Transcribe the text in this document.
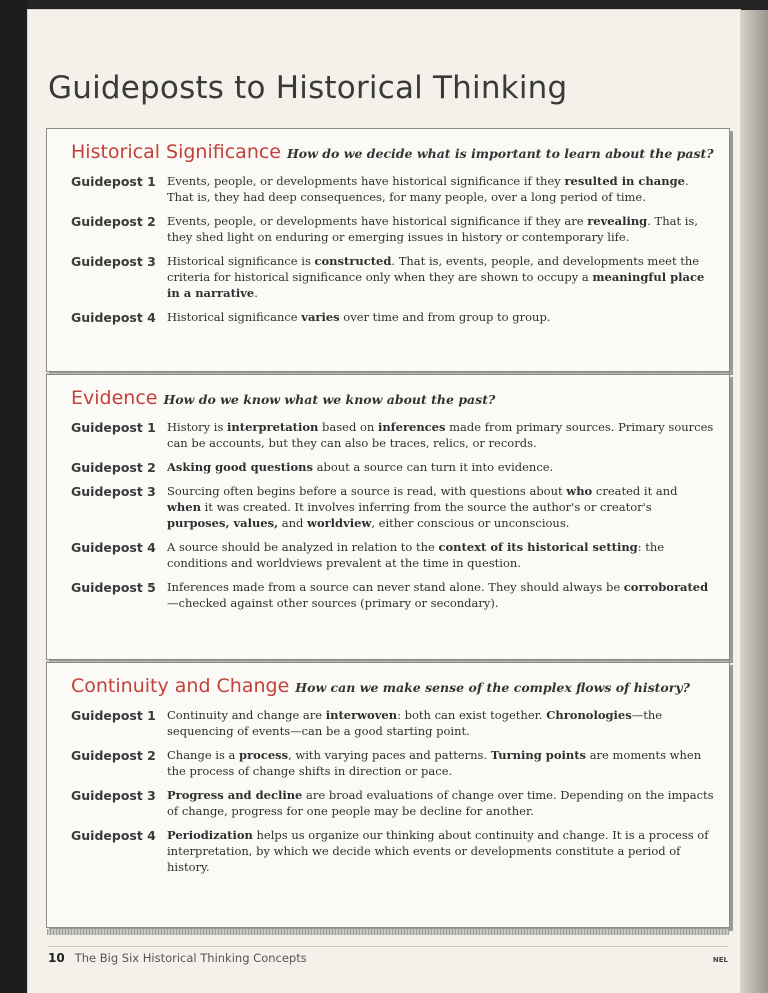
Guideposts to Historical Thinking
Historical Significance How do we decide what is important to learn about the past?
Guidepost 1 Events, people, or developments have historical significance if they resulted in change. That is, they had deep consequences, for many people, over a long period of time.
Guidepost 2 Events, people, or developments have historical significance if they are revealing. That is, they shed light on enduring or emerging issues in history or contemporary life.
Guidepost 3 Historical significance is constructed. That is, events, people, and developments meet the criteria for historical significance only when they are shown to occupy a meaningful place in a narrative.
Guidepost 4 Historical significance varies over time and from group to group.
Evidence How do we know what we know about the past?
Guidepost 1 History is interpretation based on inferences made from primary sources. Primary sources can be accounts, but they can also be traces, relics, or records.
Guidepost 2 Asking good questions about a source can turn it into evidence.
Guidepost 3 Sourcing often begins before a source is read, with questions about who created it and when it was created. It involves inferring from the source the author's or creator's purposes, values, and worldview, either conscious or unconscious.
Guidepost 4 A source should be analyzed in relation to the context of its historical setting: the conditions and worldviews prevalent at the time in question.
Guidepost 5 Inferences made from a source can never stand alone. They should always be corroborated—checked against other sources (primary or secondary).
Continuity and Change How can we make sense of the complex flows of history?
Guidepost 1 Continuity and change are interwoven: both can exist together. Chronologies—the sequencing of events—can be a good starting point.
Guidepost 2 Change is a process, with varying paces and patterns. Turning points are moments when the process of change shifts in direction or pace.
Guidepost 3 Progress and decline are broad evaluations of change over time. Depending on the impacts of change, progress for one people may be decline for another.
Guidepost 4 Periodization helps us organize our thinking about continuity and change. It is a process of interpretation, by which we decide which events or developments constitute a period of history.
10 The Big Six Historical Thinking Concepts	NEL
